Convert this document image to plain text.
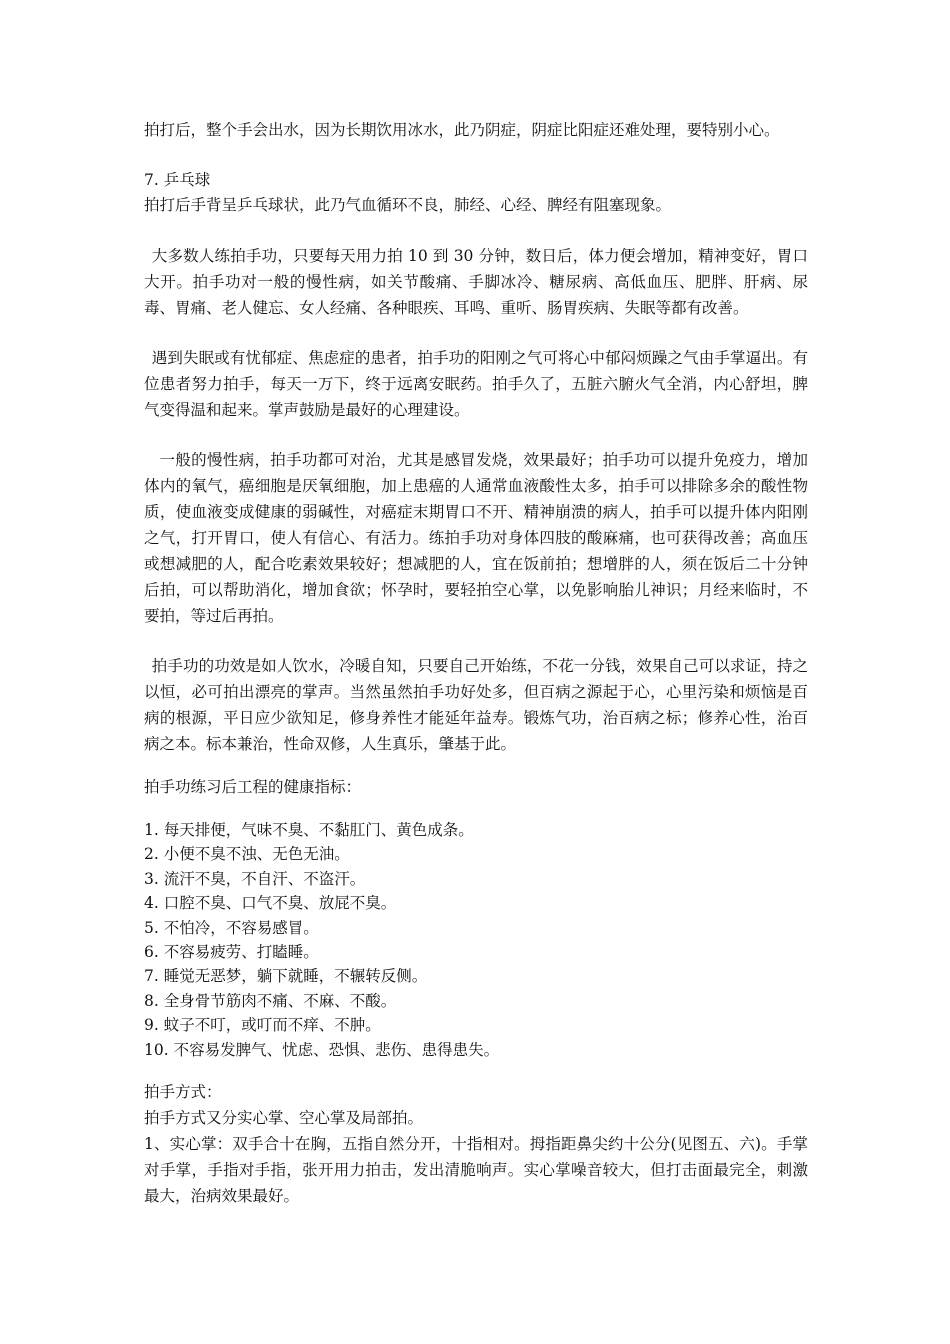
拍打后，整个手会出水，因为长期饮用冰水，此乃阴症，阴症比阳症还难处理，要特别小心。
7. 乒乓球
拍打后手背呈乒乓球状，此乃气血循环不良，肺经、心经、脾经有阻塞现象。
大多数人练拍手功，只要每天用力拍 10 到 30 分钟，数日后，体力便会增加，精神变好，胃口大开。拍手功对一般的慢性病，如关节酸痛、手脚冰冷、糖尿病、高低血压、肥胖、肝病、尿毒、胃痛、老人健忘、女人经痛、各种眼疾、耳鸣、重听、肠胃疾病、失眠等都有改善。
遇到失眠或有忧郁症、焦虑症的患者，拍手功的阳刚之气可将心中郁闷烦躁之气由手掌逼出。有位患者努力拍手，每天一万下，终于远离安眠药。拍手久了，五脏六腑火气全消，内心舒坦，脾气变得温和起来。掌声鼓励是最好的心理建设。
一般的慢性病，拍手功都可对治，尤其是感冒发烧，效果最好；拍手功可以提升免疫力，增加体内的氧气，癌细胞是厌氧细胞，加上患癌的人通常血液酸性太多，拍手可以排除多余的酸性物质，使血液变成健康的弱碱性，对癌症末期胃口不开、精神崩溃的病人，拍手可以提升体内阳刚之气，打开胃口，使人有信心、有活力。练拍手功对身体四肢的酸麻痛，也可获得改善；高血压或想减肥的人，配合吃素效果较好；想减肥的人，宜在饭前拍；想增胖的人，须在饭后二十分钟后拍，可以帮助消化，增加食欲；怀孕时，要轻拍空心掌，以免影响胎儿神识；月经来临时，不要拍，等过后再拍。
拍手功的功效是如人饮水，冷暖自知，只要自己开始练，不花一分钱，效果自己可以求证，持之以恒，必可拍出漂亮的掌声。当然虽然拍手功好处多，但百病之源起于心，心里污染和烦恼是百病的根源，平日应少欲知足，修身养性才能延年益寿。锻炼气功，治百病之标；修养心性，治百病之本。标本兼治，性命双修，人生真乐，肇基于此。
拍手功练习后工程的健康指标：
1. 每天排便，气味不臭、不黏肛门、黄色成条。
2. 小便不臭不浊、无色无油。
3. 流汗不臭，不自汗、不盗汗。
4. 口腔不臭、口气不臭、放屁不臭。
5. 不怕冷，不容易感冒。
6. 不容易疲劳、打瞌睡。
7. 睡觉无恶梦，躺下就睡，不辗转反侧。
8. 全身骨节筋肉不痛、不麻、不酸。
9. 蚊子不叮，或叮而不痒、不肿。
10. 不容易发脾气、忧虑、恐惧、悲伤、患得患失。
拍手方式：
拍手方式又分实心掌、空心掌及局部拍。
1、实心掌：双手合十在胸，五指自然分开，十指相对。拇指距鼻尖约十公分(见图五、六)。手掌对手掌，手指对手指，张开用力拍击，发出清脆响声。实心掌噪音较大，但打击面最完全，刺激最大，治病效果最好。
